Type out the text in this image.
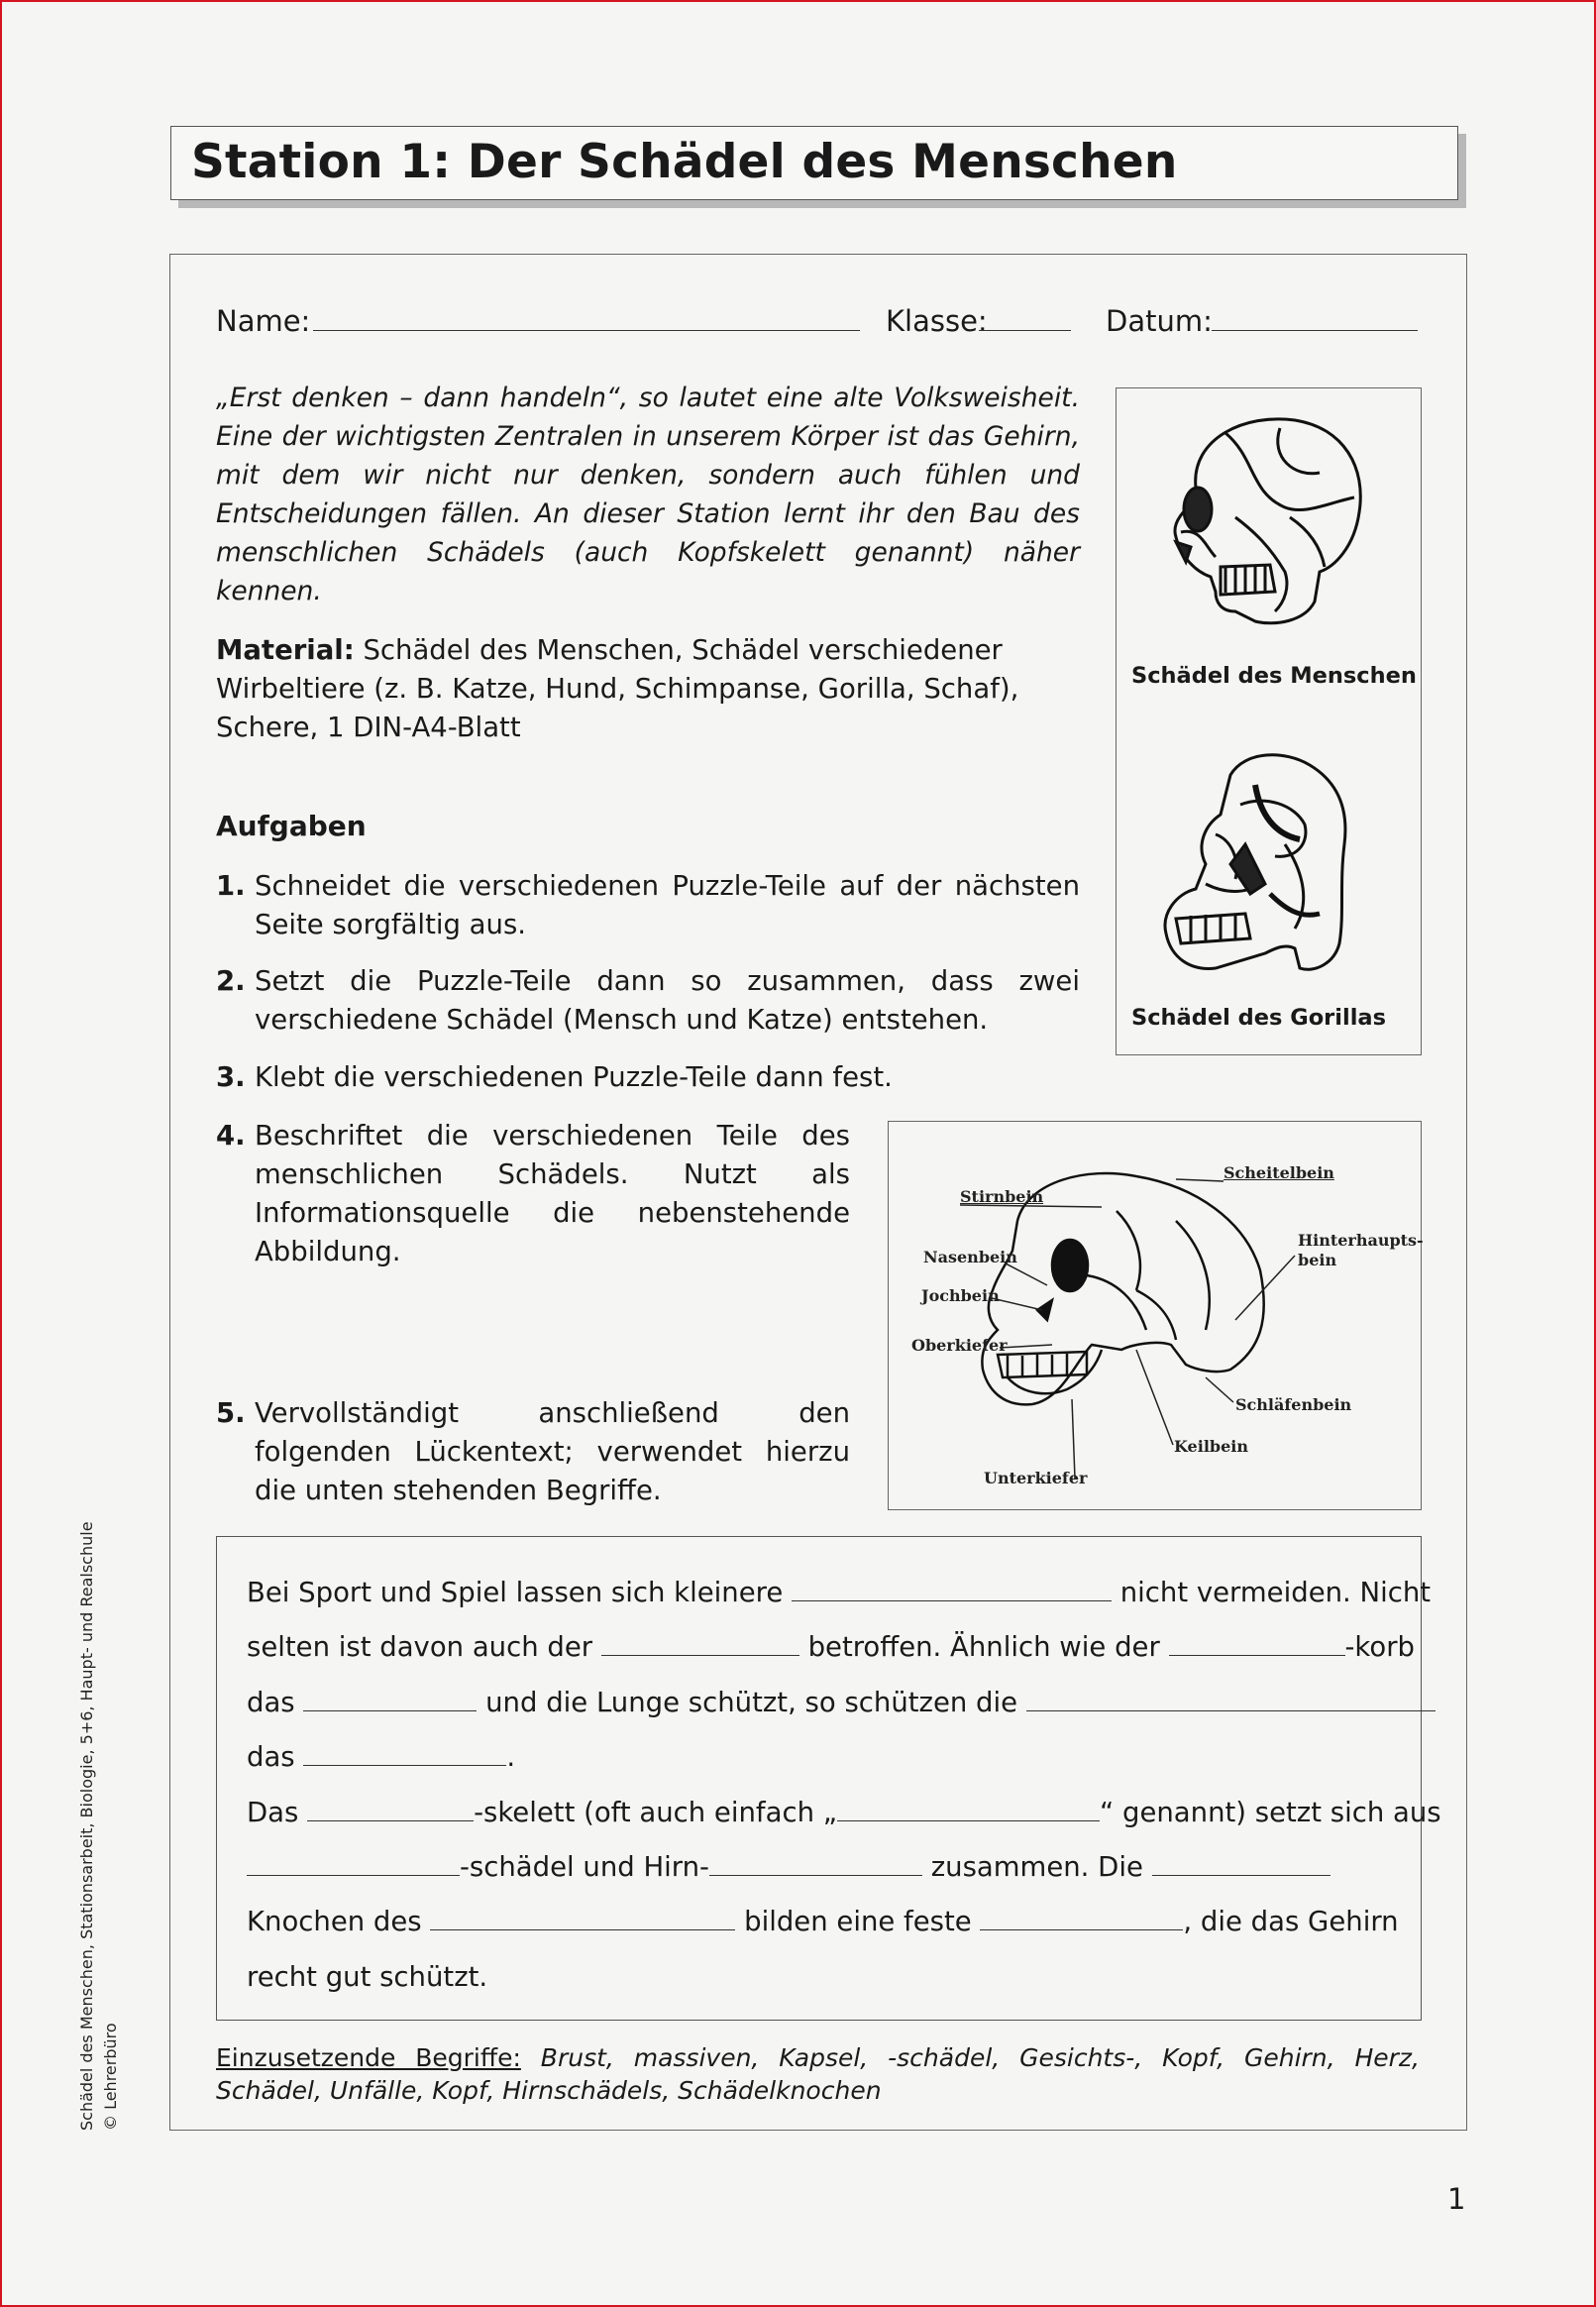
Station 1: Der Schädel des Menschen
Name:	Klasse:	Datum:
„Erst denken – dann handeln“, so lautet eine alte Volksweisheit. Eine der wichtigsten Zentralen in unserem Körper ist das Gehirn, mit dem wir nicht nur denken, sondern auch fühlen und Entscheidungen fällen. An dieser Station lernt ihr den Bau des menschlichen Schädels (auch Kopfskelett genannt) näher kennen.
Material: Schädel des Menschen, Schädel verschiedener Wirbeltiere (z. B. Katze, Hund, Schimpanse, Gorilla, Schaf), Schere, 1 DIN-A4-Blatt
Aufgaben
1. Schneidet die verschiedenen Puzzle-Teile auf der nächsten Seite sorgfältig aus.
2. Setzt die Puzzle-Teile dann so zusammen, dass zwei verschiedene Schädel (Mensch und Katze) entstehen.
3. Klebt die verschiedenen Puzzle-Teile dann fest.
4. Beschriftet die verschiedenen Teile des menschlichen Schädels. Nutzt als Informationsquelle die nebenstehende Abbildung.
5. Vervollständigt anschließend den folgenden Lückentext; verwendet hierzu die unten stehenden Begriffe.
Schädel des Menschen
Schädel des Gorillas
Scheitelbein
Stirnbein
Hinterhaupts-
bein
Nasenbein
Jochbein
Oberkiefer
Schläfenbein
Keilbein
Unterkiefer
Bei Sport und Spiel lassen sich kleinere	nicht vermeiden. Nicht
selten ist davon auch der	betroffen. Ähnlich wie der	-korb
das	und die Lunge schützt, so schützen die
das	.
Das	-skelett (oft auch einfach „	“ genannt) setzt sich aus
-schädel und Hirn-	zusammen. Die
Knochen des	bilden eine feste	, die das Gehirn
recht gut schützt.
Einzusetzende Begriffe: Brust, massiven, Kapsel, -schädel, Gesichts-, Kopf, Gehirn, Herz, Schädel, Unfälle, Kopf, Hirnschädels, Schädelknochen
Schädel des Menschen, Stationsarbeit, Biologie, 5+6, Haupt- und Realschule © Lehrerbüro
1
